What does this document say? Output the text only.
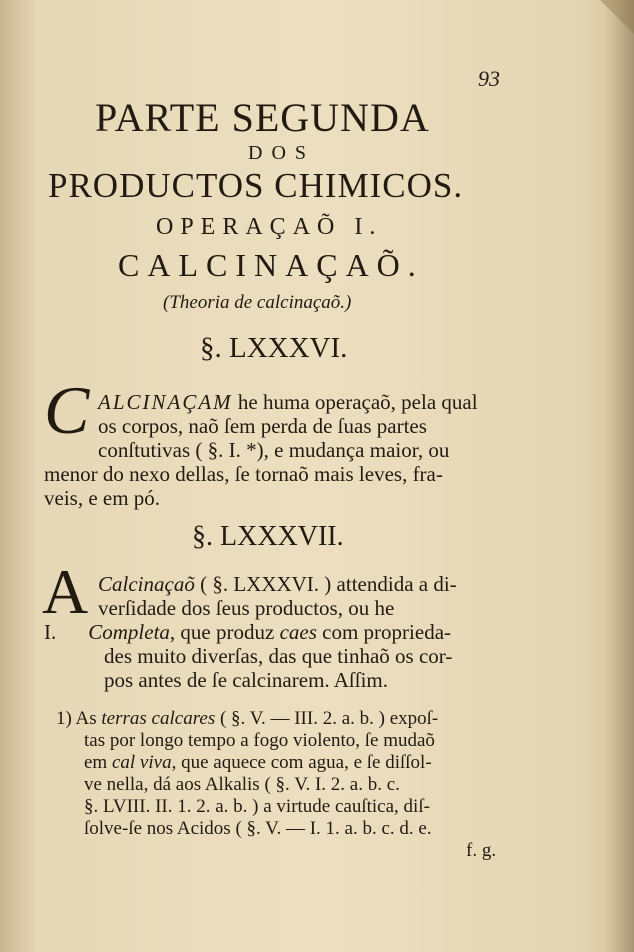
93
PARTE SEGUNDA
DOS
PRODUCTOS CHIMICOS.
OPERAÇAÕ I.
CALCINAÇAÕ.
(Theoria de calcinaçaõ.)
§. LXXXVI.
C ALCINAÇAM he huma operaçaõ, pela qual
os corpos, naõ ſem perda de ſuas partes
conſtutivas ( §. I. *), e mudança maior, ou
menor do nexo dellas, ſe tornaõ mais leves, fra-
veis, e em pó.
§. LXXXVII.
A Calcinaçaõ ( §. LXXXVI. ) attendida a di-
verſidade dos ſeus productos, ou he
I. Completa, que produz caes com proprieda-
des muito diverſas, das que tinhaõ os cor-
pos antes de ſe calcinarem. Aſſim.
1) As terras calcares ( §. V. — III. 2. a. b. ) expoſ-
tas por longo tempo a fogo violento, ſe mudaõ
em cal viva, que aquece com agua, e ſe diſſol-
ve nella, dá aos Alkalis ( §. V. I. 2. a. b. c.
§. LVIII. II. 1. 2. a. b. ) a virtude cauſtica, diſ-
ſolve-ſe nos Acidos ( §. V. — I. 1. a. b. c. d. e.
f. g.
